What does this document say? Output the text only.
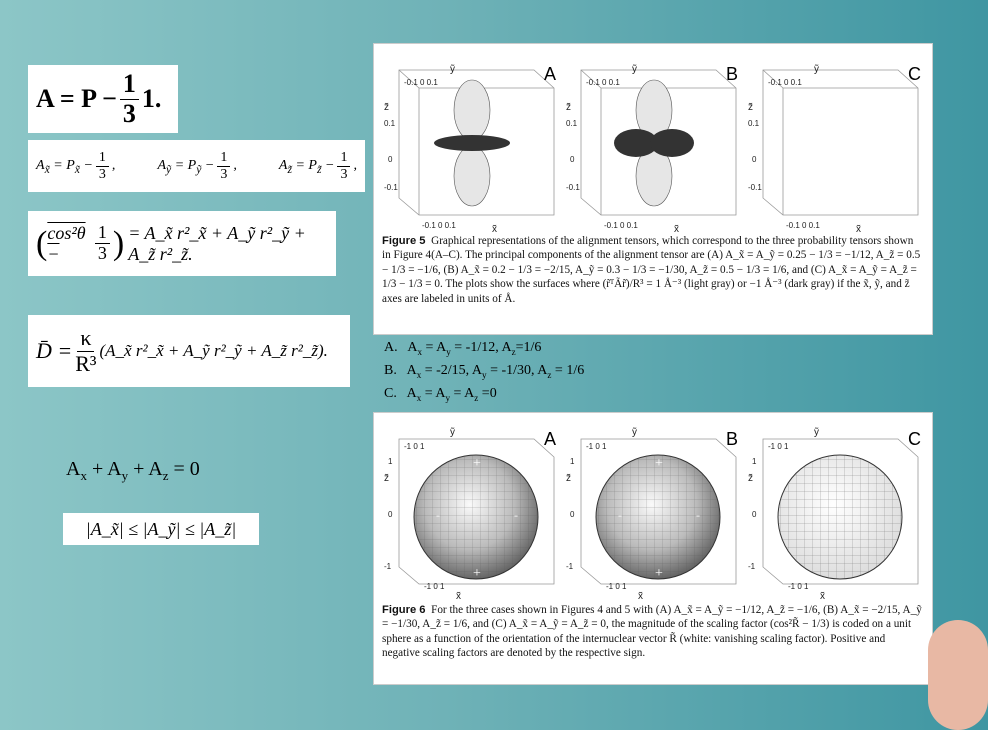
$A = P - \frac{1}{3} 1$.
$A_{x̃} = P_{x̃} - \frac{1}{3}$ ,	$A_ỹ = P_ỹ - \frac{1}{3}$ ,	$A_{z̃} = P_{z̃} - \frac{1}{3}$ ,
( cos²θ −	$\frac{1}{3}$ ) = A_x̃ r²_x̃ + A_ỹ r²_ỹ + A_z̃ r²_z̃.
D̄ = $\frac{\kappa}{\text{R³}}$ (A_x̃ r²_x̃ + A_ỹ r²_ỹ + A_z̃ r²_z̃).
$A_x + A_y + A_z = 0$
|A_x̃| ≤ |A_ỹ| ≤ |A_z̃|
-0.1 0 0.1
ỹ
z̃
0.1
0
-0.1
-0.1 0 0.1	x̃
A	-0.1 0 0.1
ỹ
z̃
0.1
0
-0.1
-0.1 0 0.1	x̃
B	-0.1 0 0.1
ỹ
z̃
0.1
0
-0.1
-0.1 0 0.1	x̃
C
Figure 5 Graphical representations of the alignment tensors, which correspond to the three probability tensors shown in Figure 4(A–C). The principal components of the alignment tensor are (A) A_x̃ = A_ỹ = 0.25 − 1/3 = −1/12, A_z̃ = 0.5 − 1/3 = −1/6, (B) A_x̃ = 0.2 − 1/3 = −2/15, A_ỹ = 0.3 − 1/3 = −1/30, A_z̃ = 0.5 − 1/3 = 1/6, and (C) A_x̃ = A_ỹ = A_z̃ = 1/3 − 1/3 = 0. The plots show the surfaces where (r̃ᵀÃr̃)/R³ = 1 Å⁻³ (light gray) or −1 Å⁻³ (dark gray) if the x̃, ỹ, and z̃ axes are labeled in units of Å.
A.   $A_x = A_y = -1/12$, $A_z=1/6$
B.   $A_x = -2/15$, $A_y = -1/30$, $A_z = 1/6$
C.   $A_x = A_y = A_z =0$
+
+
-	-
-1 0 1
ỹ
z̃
1
0
-1
-1 0 1
x̃
A
+
+
-	-
-1 0 1
ỹ
z̃
1
0
-1
-1 0 1
x̃
B	-1 0 1
ỹ
z̃
1
0
-1
-1 0 1
x̃
C
Figure 6 For the three cases shown in Figures 4 and 5 with (A) A_x̃ = A_ỹ = −1/12, A_z̃ = −1/6, (B) A_x̃ = −2/15, A_ỹ = −1/30, A_z̃ = 1/6, and (C) A_x̃ = A_ỹ = A_z̃ = 0, the magnitude of the scaling factor (cos²R̃ − 1/3) is coded on a unit sphere as a function of the orientation of the internuclear vector R̃ (white: vanishing scaling factor). Positive and negative scaling factors are denoted by the respective sign.
